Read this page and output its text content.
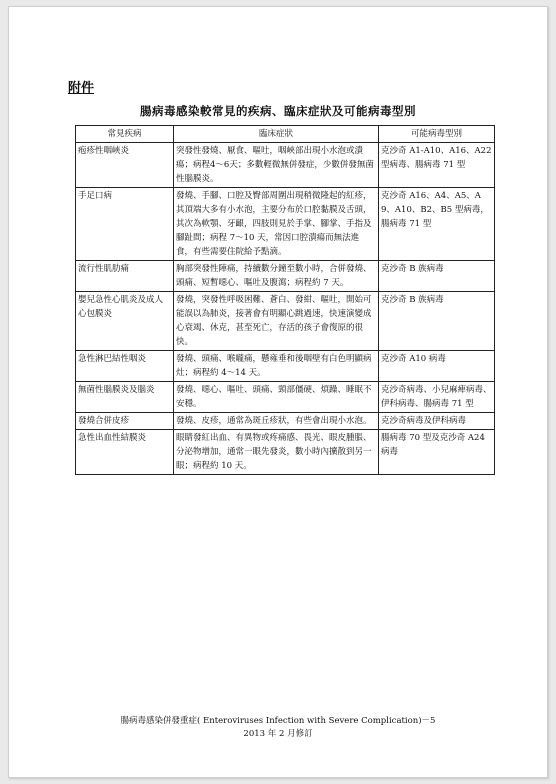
附件
腸病毒感染較常見的疾病、臨床症狀及可能病毒型別
常見疾病	臨床症狀	可能病毒型別
疱疹性咽峽炎	突發性發燒、厭食、嘔吐，咽峽部出現小水泡或潰瘍；病程4～6天；多數輕微無併發症，少數併發無菌性腦膜炎。	克沙奇 A1-A10、A16、A22 型病毒、腸病毒 71 型
手足口病	發燒、手腳、口腔及臀部周圍出現稍微隆起的紅疹，其頂端大多有小水泡，主要分布於口腔黏膜及舌頭，其次為軟顎、牙齦，四肢則見於手掌、腳掌、手指及腳趾間；病程 7～10 天，常因口腔潰瘍而無法進食，有些需要住院給予點滴。	克沙奇 A16、A4、A5、A9、A10、B2、B5 型病毒，腸病毒 71 型
流行性肌肋痛	胸部突發性陣痛，持續數分鐘至數小時，合併發燒、頭痛、短暫噁心、嘔吐及腹瀉；病程約 7 天。	克沙奇 B 族病毒
嬰兒急性心肌炎及成人心包膜炎	發燒，突發性呼吸困難、蒼白、發紺、嘔吐，開始可能誤以為肺炎，接著會有明顯心跳過速，快速演變成心衰竭、休克，甚至死亡，存活的孩子會復原的很快。	克沙奇 B 族病毒
急性淋巴結性咽炎	發燒、頭痛、喉嚨痛，懸雍垂和後咽壁有白色明顯病灶；病程約 4～14 天。	克沙奇 A10 病毒
無菌性腦膜炎及腦炎	發燒、噁心、嘔吐、頭痛、頸部僵硬、煩躁、睡眠不安穩。	克沙奇病毒、小兒麻痺病毒、伊科病毒、腸病毒 71 型
發燒合併皮疹	發燒、皮疹，通常為斑丘疹狀，有些會出現小水泡。	克沙奇病毒及伊科病毒
急性出血性結膜炎	眼睛發紅出血、有異物或疼痛感、畏光、眼皮腫脹、分泌物增加，通常一眼先發炎，數小時內擴散到另一眼；病程約 10 天。	腸病毒 70 型及克沙奇 A24 病毒
腸病毒感染併發重症( Enteroviruses Infection with Severe Complication)－5
2013 年 2 月修訂
